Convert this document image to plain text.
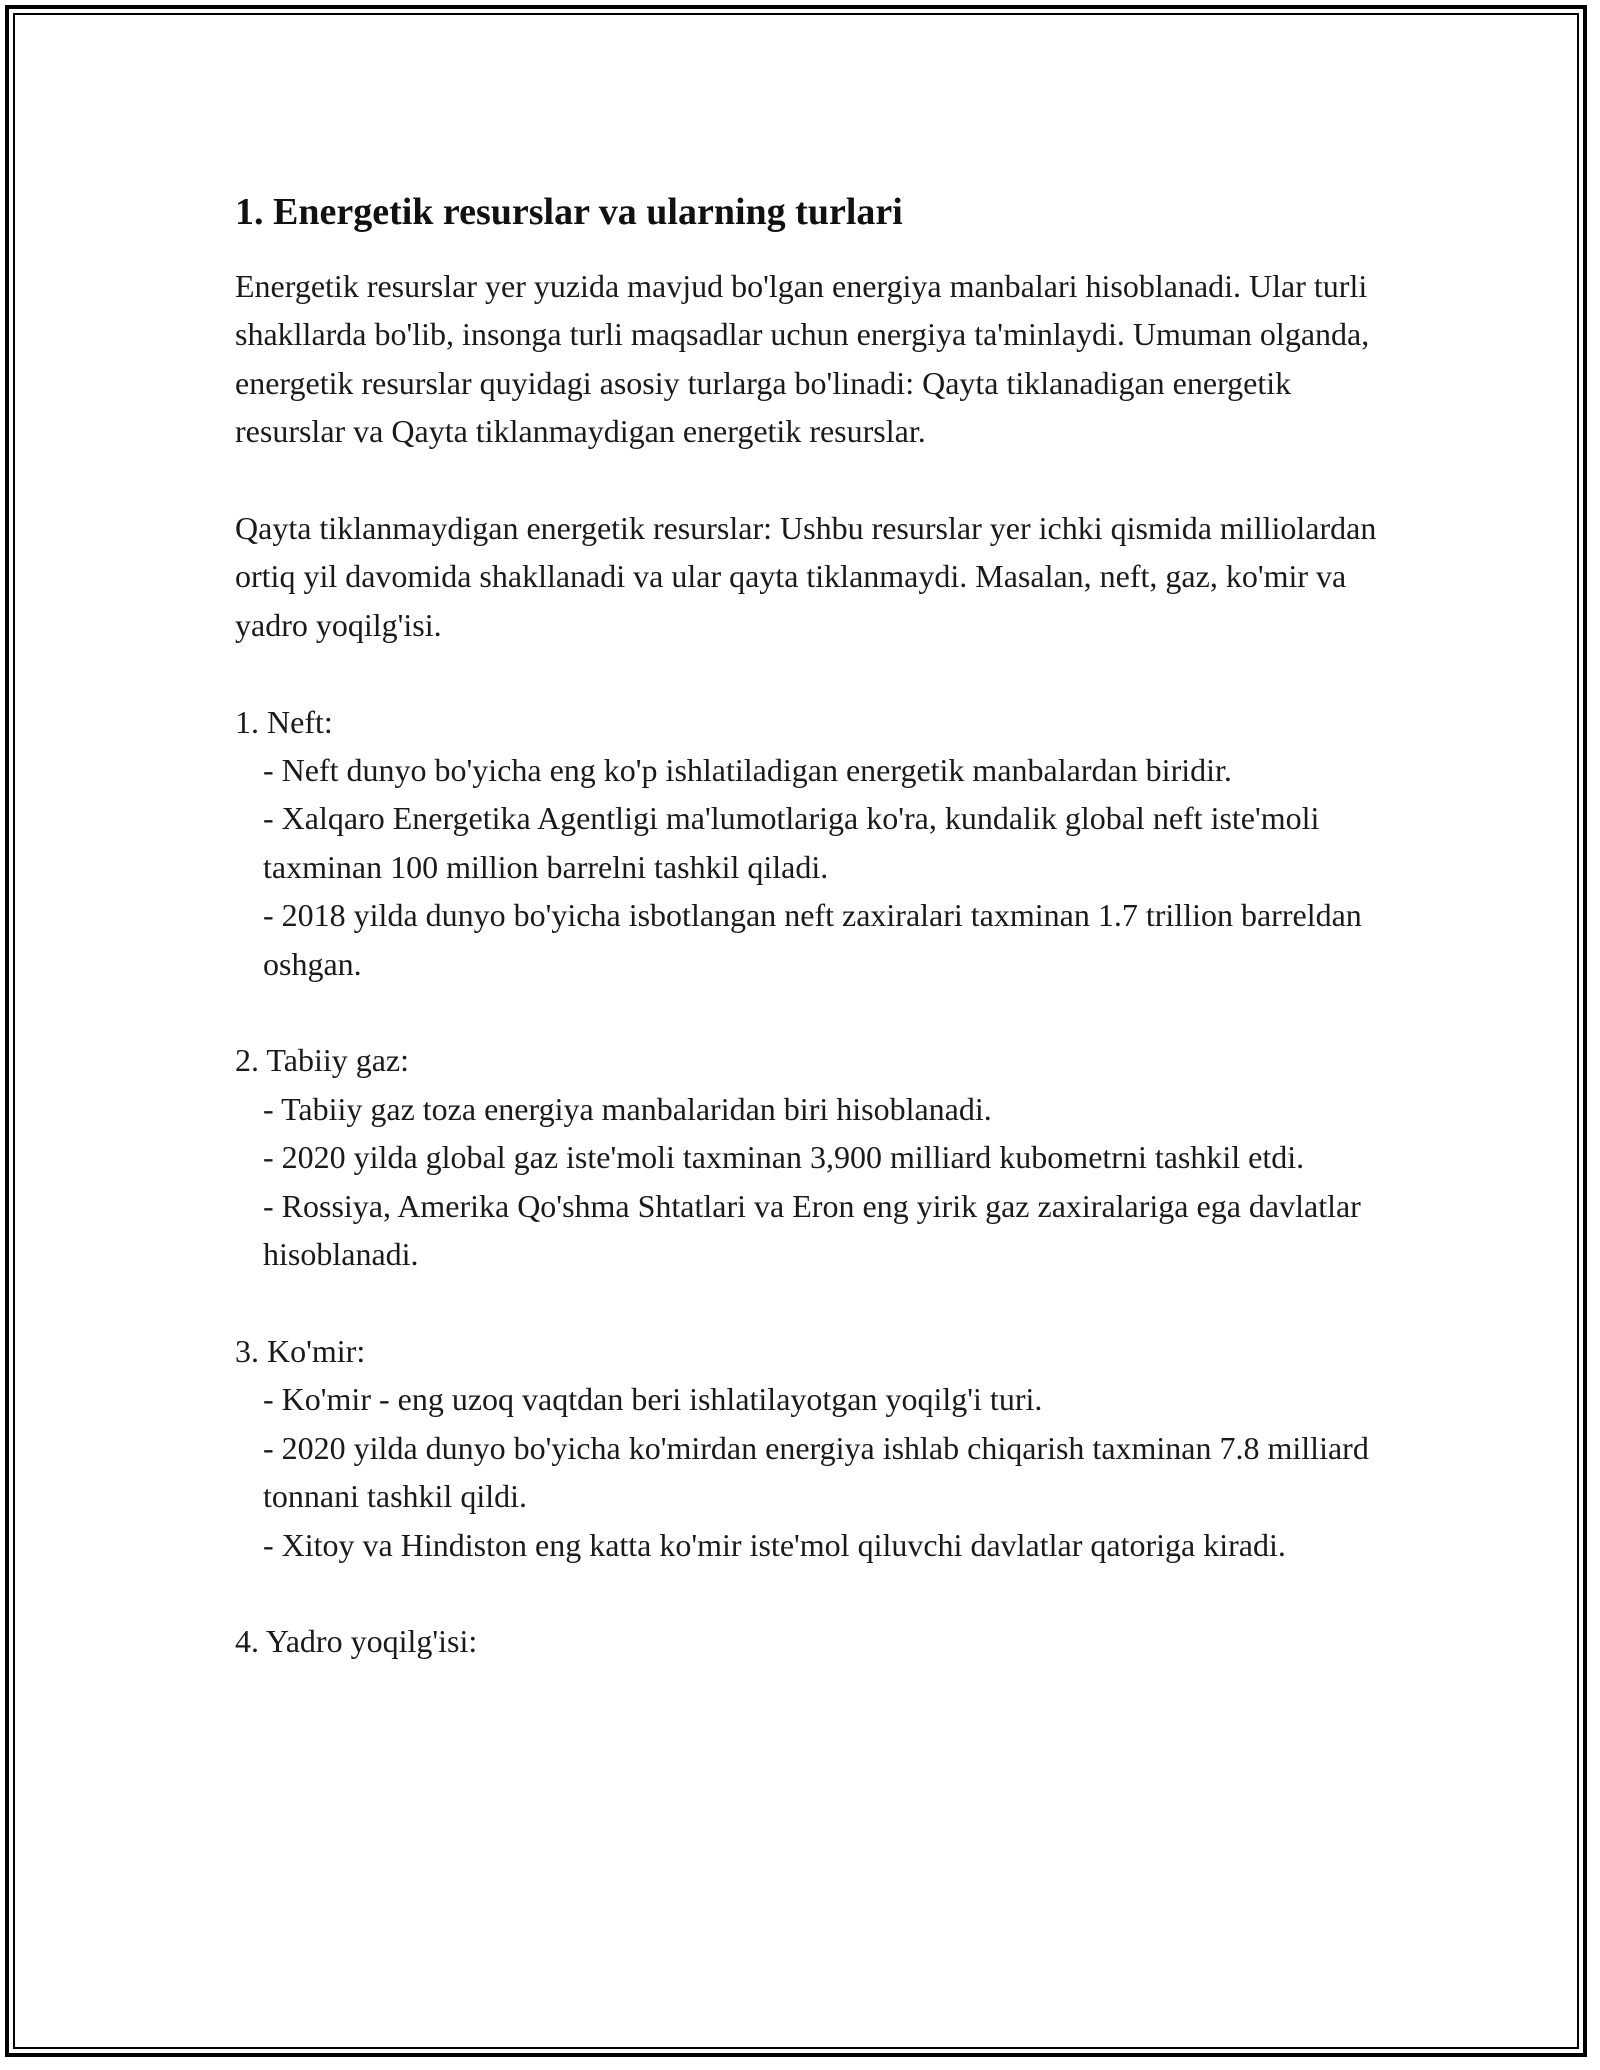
1. Energetik resurslar va ularning turlari

Energetik resurslar yer yuzida mavjud bo'lgan energiya manbalari hisoblanadi. Ular turli shakllarda bo'lib, insonga turli maqsadlar uchun energiya ta'minlaydi. Umuman olganda, energetik resurslar quyidagi asosiy turlarga bo'linadi: Qayta tiklanadigan energetik resurslar va Qayta tiklanmaydigan energetik resurslar.

Qayta tiklanmaydigan energetik resurslar: Ushbu resurslar yer ichki qismida milliolardan ortiq yil davomida shakllanadi va ular qayta tiklanmaydi. Masalan, neft, gaz, ko'mir va yadro yoqilg'isi.

1. Neft:

- Neft dunyo bo'yicha eng ko'p ishlatiladigan energetik manbalardan biridir.

- Xalqaro Energetika Agentligi ma'lumotlariga ko'ra, kundalik global neft iste'moli taxminan 100 million barrelni tashkil qiladi.

- 2018 yilda dunyo bo'yicha isbotlangan neft zaxiralari taxminan 1.7 trillion barreldan oshgan.

2. Tabiiy gaz:

- Tabiiy gaz toza energiya manbalaridan biri hisoblanadi.

- 2020 yilda global gaz iste'moli taxminan 3,900 milliard kubometrni tashkil etdi.

- Rossiya, Amerika Qo'shma Shtatlari va Eron eng yirik gaz zaxiralariga ega davlatlar hisoblanadi.

3. Ko'mir:

- Ko'mir - eng uzoq vaqtdan beri ishlatilayotgan yoqilg'i turi.

- 2020 yilda dunyo bo'yicha ko'mirdan energiya ishlab chiqarish taxminan 7.8 milliard tonnani tashkil qildi.

- Xitoy va Hindiston eng katta ko'mir iste'mol qiluvchi davlatlar qatoriga kiradi.

4. Yadro yoqilg'isi:
